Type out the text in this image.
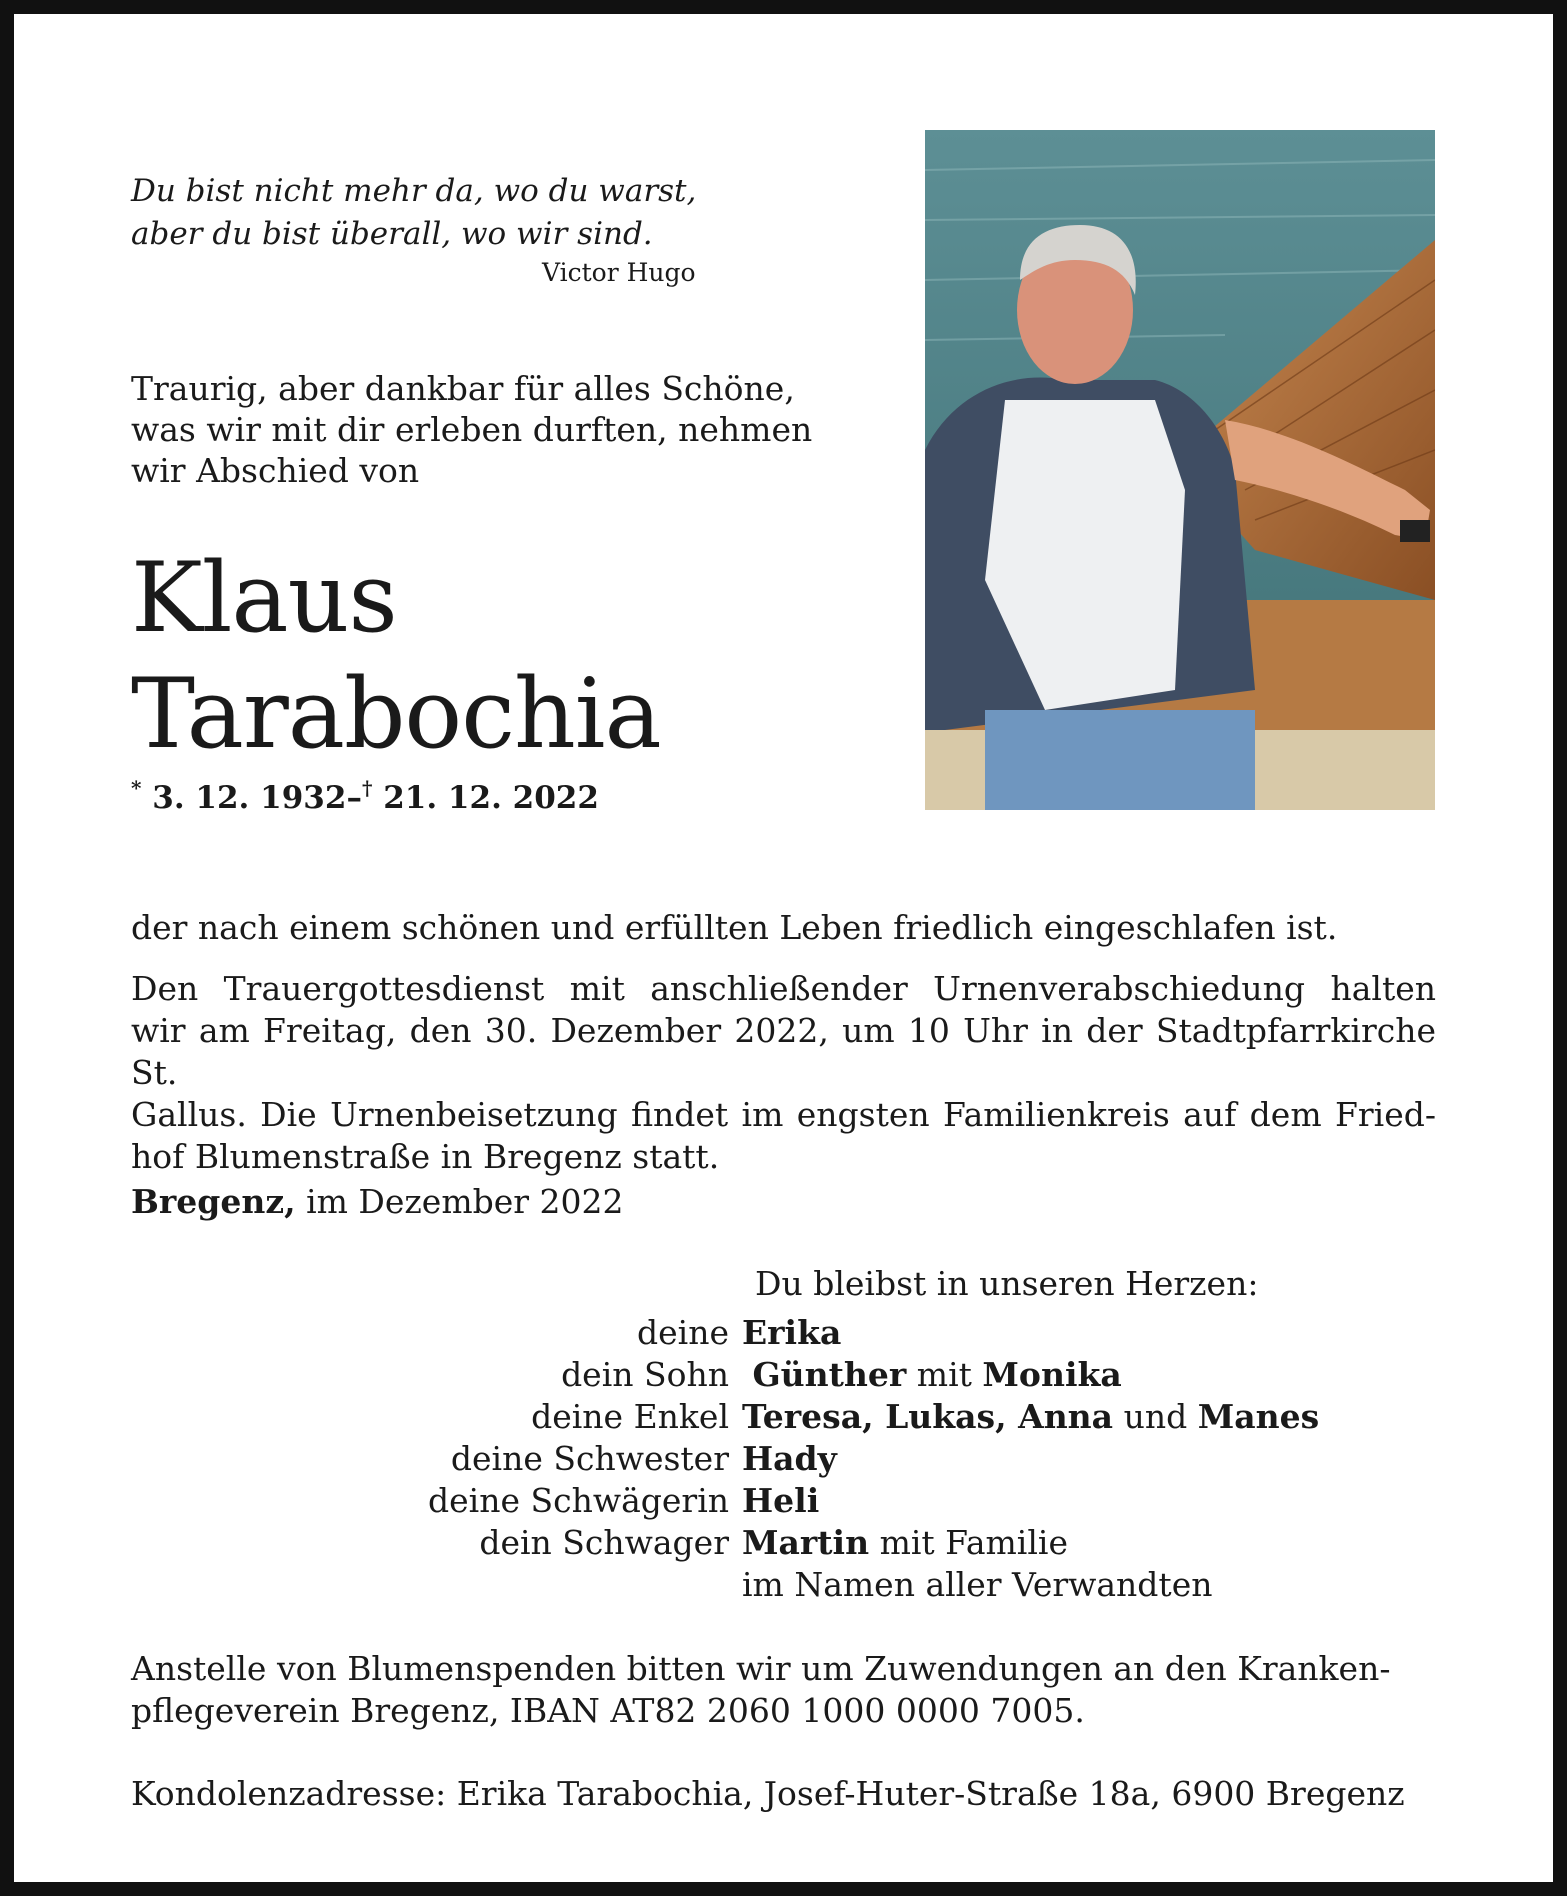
Du bist nicht mehr da, wo du warst,
aber du bist überall, wo wir sind.
Victor Hugo
Traurig, aber dankbar für alles Schöne,
was wir mit dir erleben durften, nehmen
wir Abschied von
Klaus
Tarabochia
* 3. 12. 1932–† 21. 12. 2022
der nach einem schönen und erfüllten Leben friedlich eingeschlafen ist.
Den Trauergottesdienst mit anschließender Urnenverabschiedung halten
wir am Freitag, den 30. Dezember 2022, um 10 Uhr in der Stadtpfarrkirche St.
Gallus. Die Urnenbeisetzung findet im engsten Familienkreis auf dem Fried-
hof Blumenstraße in Bregenz statt.
Bregenz, im Dezember 2022
Du bleibst in unseren Herzen:
deine Erika
dein Sohn Günther mit Monika
deine Enkel Teresa, Lukas, Anna und Manes
deine Schwester Hady
deine Schwägerin Heli
dein Schwager Martin mit Familie
im Namen aller Verwandten
Anstelle von Blumenspenden bitten wir um Zuwendungen an den Kranken-
pflegeverein Bregenz, IBAN AT82 2060 1000 0000 7005.
Kondolenzadresse: Erika Tarabochia, Josef-Huter-Straße 18a, 6900 Bregenz
